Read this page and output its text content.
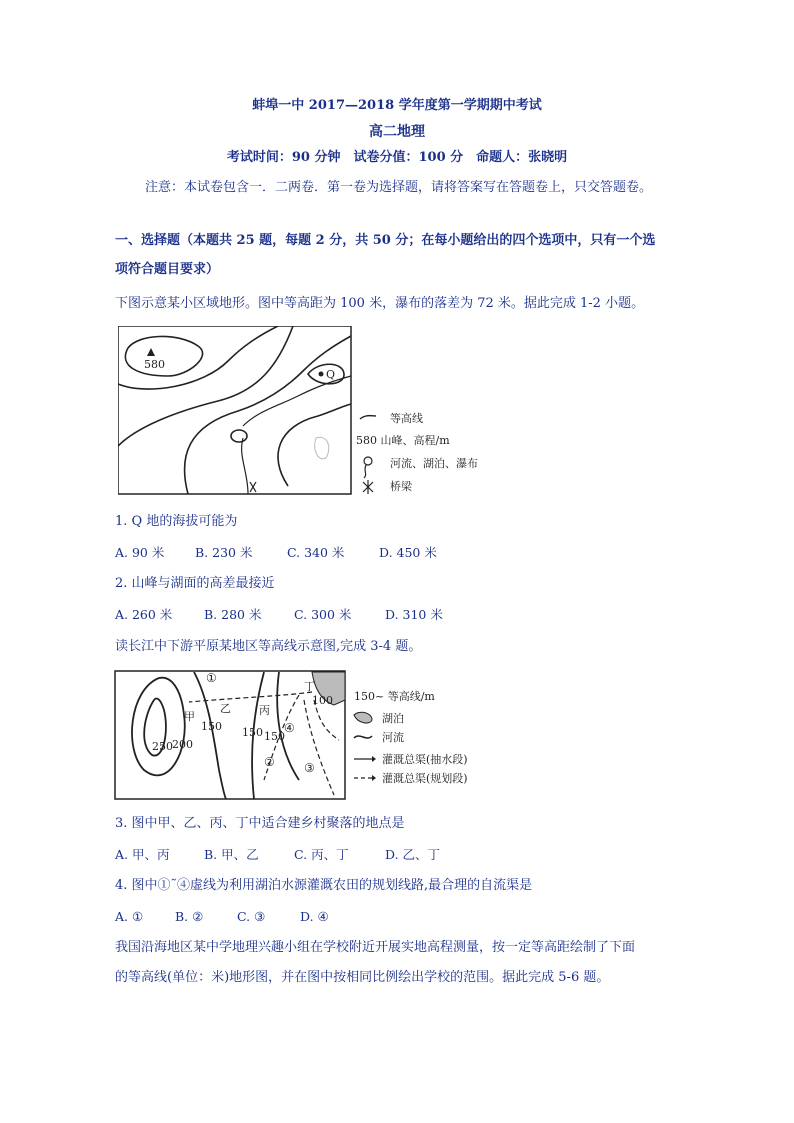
蚌埠一中 2017—2018 学年度第一学期期中考试
高二地理
考试时间：90 分钟　试卷分值：100 分　命题人：张晓明
注意：本试卷包含一．二两卷．第一卷为选择题，请将答案写在答题卷上，只交答题卷。
一、选择题（本题共 25 题，每题 2 分，共 50 分；在每小题给出的四个选项中，只有一个选
项符合题目要求）
下图示意某小区域地形。图中等高距为 100 米，瀑布的落差为 72 米。据此完成 1-2 小题。
580
Q
等高线
580 山峰、高程/m
河流、湖泊、瀑布
桥梁
1. Q 地的海拔可能为
A. 90 米 B. 230 米	C. 340 米	D. 450 米
2. 山峰与湖面的高差最接近
A. 260 米	B. 280 米	C. 300 米	D. 310 米
读长江中下游平原某地区等高线示意图,完成 3-4 题。
①
② ③
④
甲
乙	丙
丁
250 200
150 150 150
100 150~ 等高线/m
湖泊
河流
灌溉总渠(抽水段)
灌溉总渠(规划段)
3. 图中甲、乙、丙、丁中适合建乡村聚落的地点是
A. 甲、丙	B. 甲、乙	C. 丙、丁	D. 乙、丁
4. 图中①˜④虚线为利用湖泊水源灌溉农田的规划线路,最合理的自流渠是
A. ①	B. ②	C. ③	D. ④
我国沿海地区某中学地理兴趣小组在学校附近开展实地高程测量，按一定等高距绘制了下面
的等高线(单位：米)地形图，并在图中按相同比例绘出学校的范围。据此完成 5-6 题。
